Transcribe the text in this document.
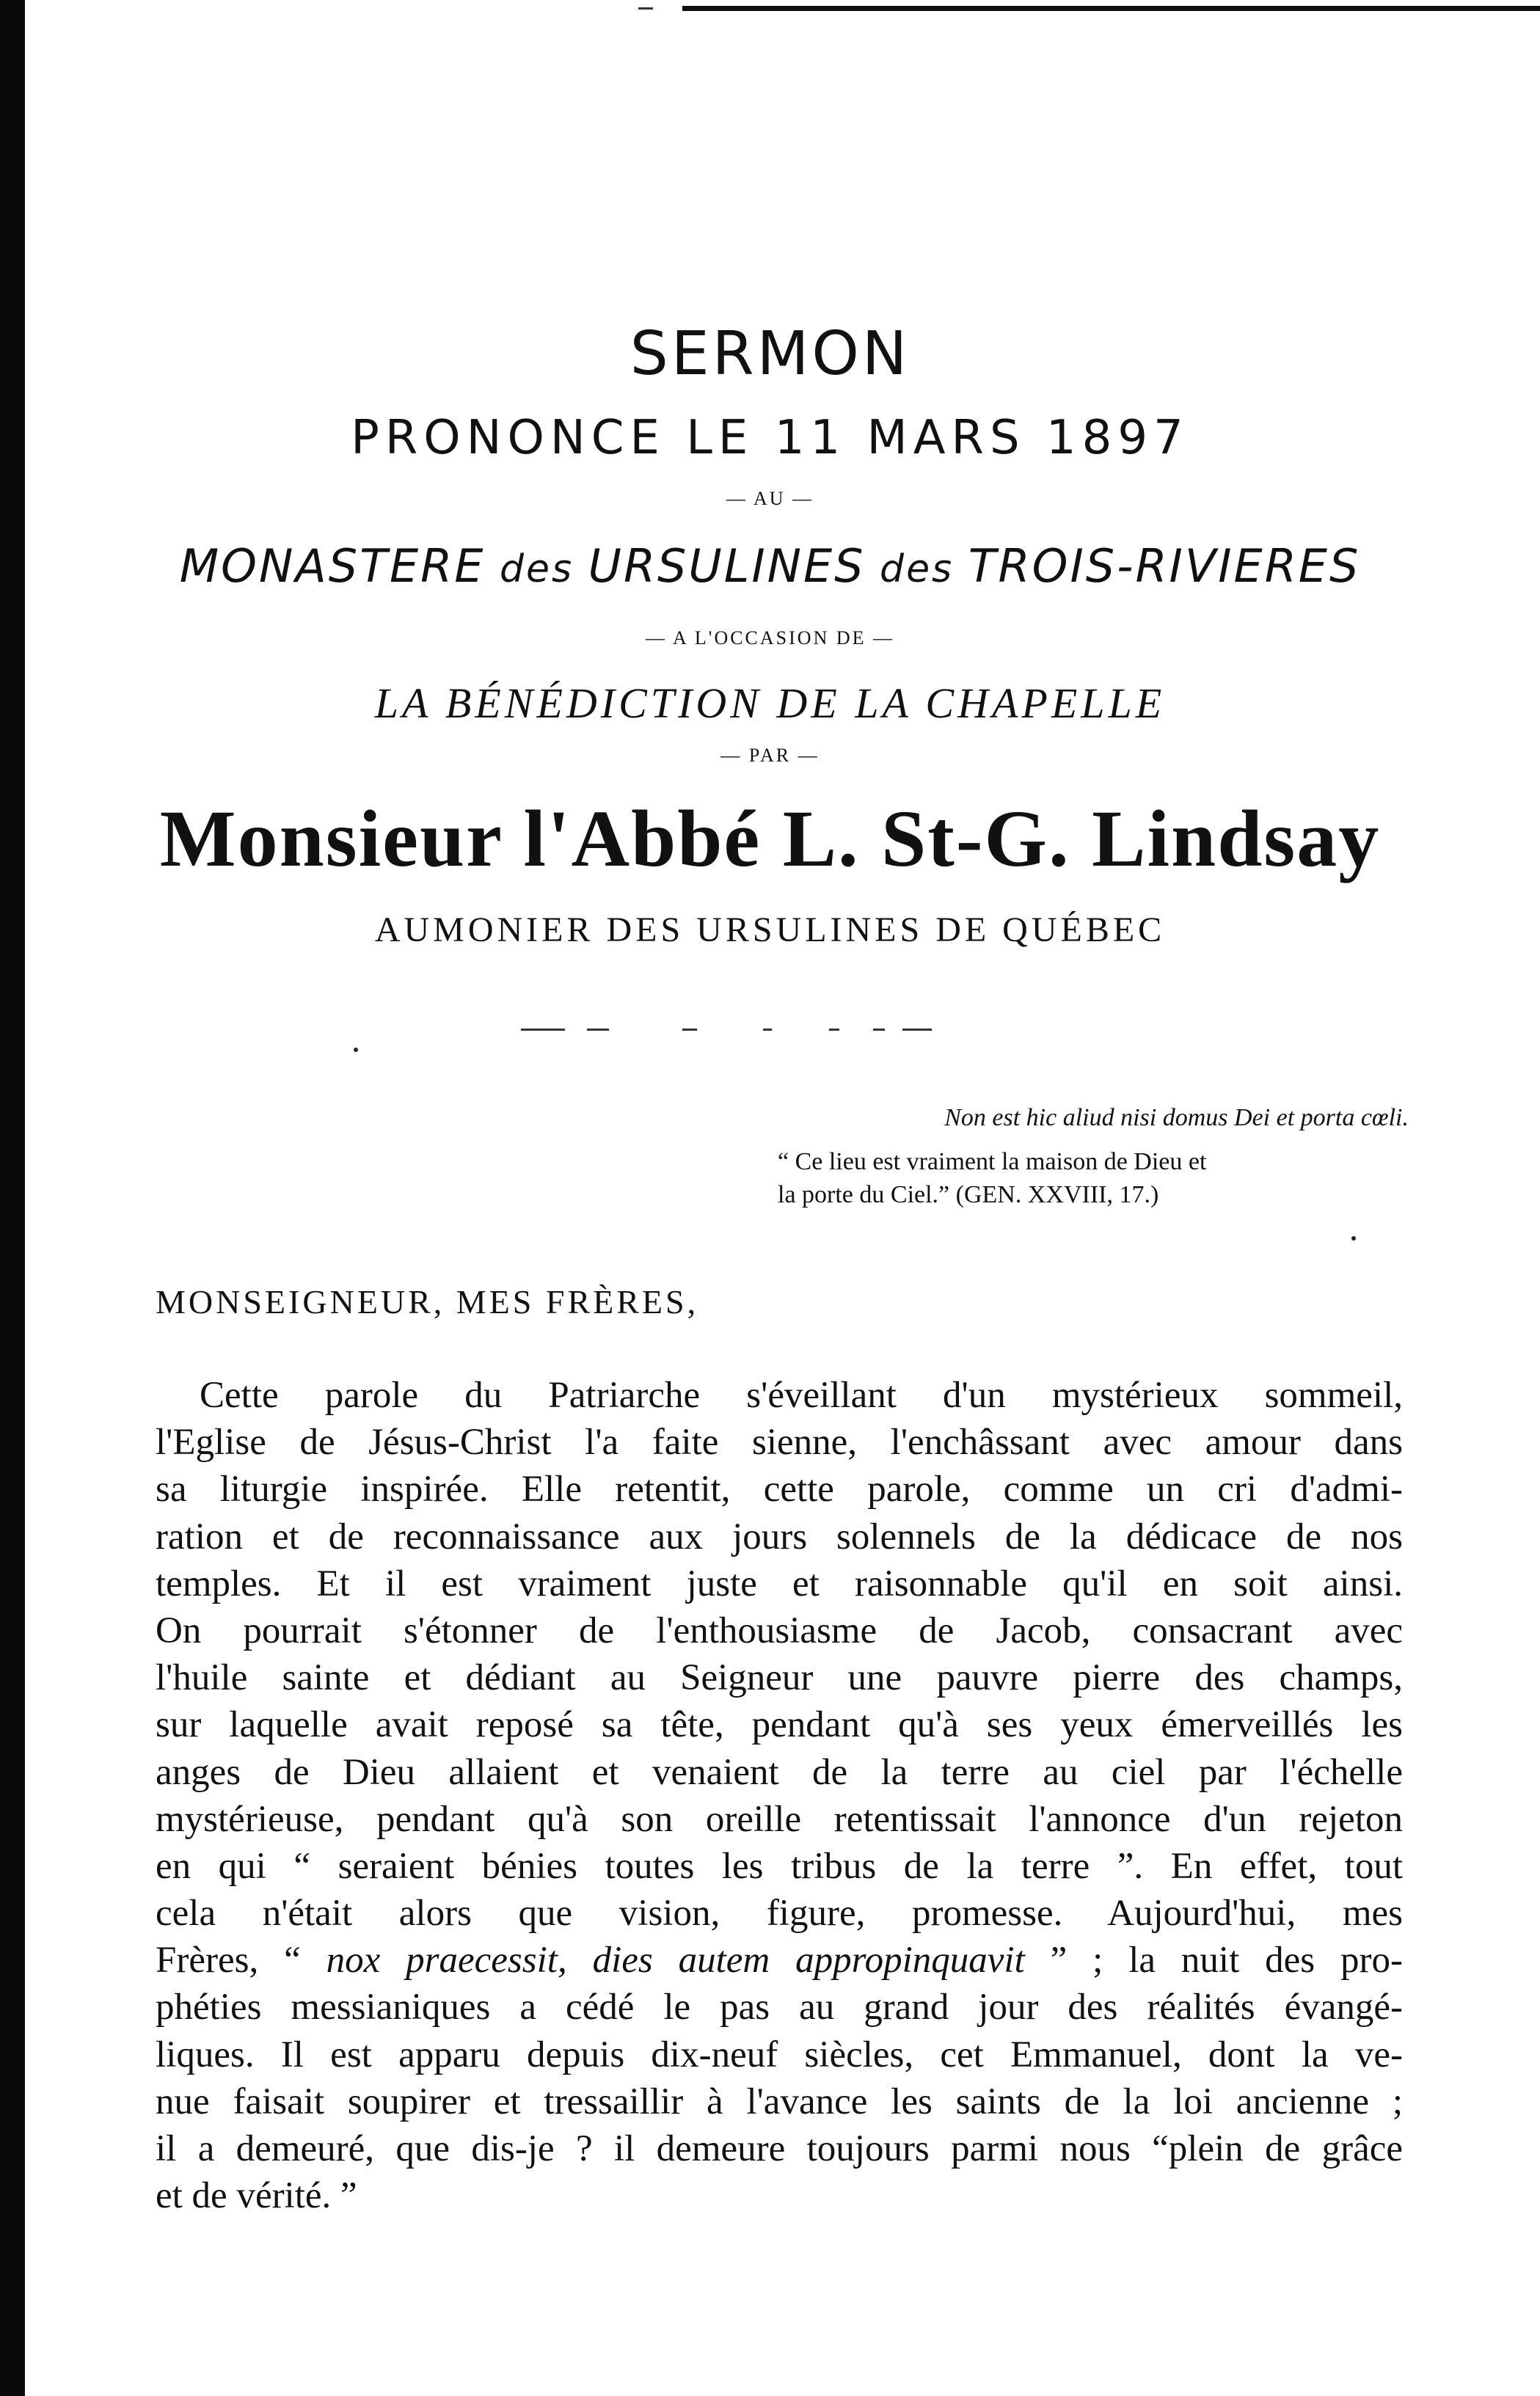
SERMON
PRONONCE LE 11 MARS 1897
— AU —
MONASTERE des URSULINES des TROIS-RIVIERES
— A L'OCCASION DE —
LA BÉNÉDICTION DE LA CHAPELLE
— PAR —
Monsieur l'Abbé L. St-G. Lindsay
AUMONIER DES URSULINES DE QUÉBEC
Non est hic aliud nisi domus Dei et porta cœli.
“ Ce lieu est vraiment la maison de Dieu et
la porte du Ciel.” (GEN. XXVIII, 17.)
MONSEIGNEUR, MES FRÈRES,
Cette parole du Patriarche s'éveillant d'un mystérieux sommeil,
l'Eglise de Jésus-Christ l'a faite sienne, l'enchâssant avec amour dans
sa liturgie inspirée. Elle retentit, cette parole, comme un cri d'admi-
ration et de reconnaissance aux jours solennels de la dédicace de nos
temples. Et il est vraiment juste et raisonnable qu'il en soit ainsi.
On pourrait s'étonner de l'enthousiasme de Jacob, consacrant avec
l'huile sainte et dédiant au Seigneur une pauvre pierre des champs,
sur laquelle avait reposé sa tête, pendant qu'à ses yeux émerveillés les
anges de Dieu allaient et venaient de la terre au ciel par l'échelle
mystérieuse, pendant qu'à son oreille retentissait l'annonce d'un rejeton
en qui “ seraient bénies toutes les tribus de la terre ”. En effet, tout
cela n'était alors que vision, figure, promesse. Aujourd'hui, mes
Frères, “ nox praecessit, dies autem appropinquavit ” ; la nuit des pro-
phéties messianiques a cédé le pas au grand jour des réalités évangé-
liques. Il est apparu depuis dix-neuf siècles, cet Emmanuel, dont la ve-
nue faisait soupirer et tressaillir à l'avance les saints de la loi ancienne ;
il a demeuré, que dis-je ? il demeure toujours parmi nous “plein de grâce
et de vérité. ”
